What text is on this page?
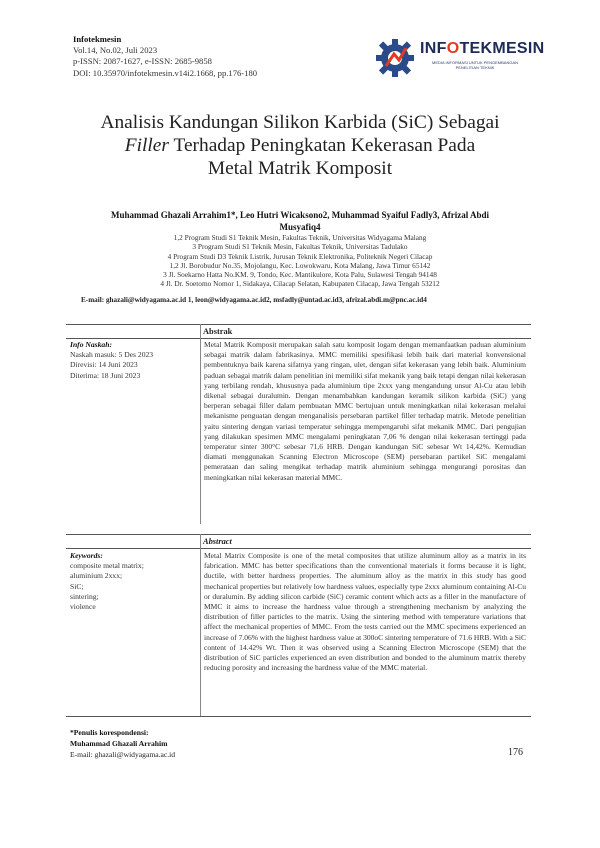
Infotekmesin
Vol.14, No.02, Juli 2023
p-ISSN: 2087-1627, e-ISSN: 2685-9858
DOI: 10.35970/infotekmesin.v14i2.1668, pp.176-180
INFOTEKMESIN
MEDIA INFORMASI UNTUK PENGEMBANGAN PENELITIAN TEKNIK
Analisis Kandungan Silikon Karbida (SiC) Sebagai
Filler Terhadap Peningkatan Kekerasan Pada
Metal Matrik Komposit
Muhammad Ghazali Arrahim1*, Leo Hutri Wicaksono2, Muhammad Syaiful Fadly3, Afrizal Abdi
Musyafiq4
1,2 Program Studi S1 Teknik Mesin, Fakultas Teknik, Universitas Widyagama Malang
3 Program Studi S1 Teknik Mesin, Fakultas Teknik, Universitas Tadulako
4 Program Studi D3 Teknik Listrik, Jurusan Teknik Elektronika, Politeknik Negeri Cilacap
1,2 Jl. Borobudur No.35, Mojolangu, Kec. Lowokwaru, Kota Malang, Jawa Timur 65142
3 Jl. Soekarno Hatta No.KM. 9, Tondo, Kec. Mantikulore, Kota Palu, Sulawesi Tengah 94148
4 Jl. Dr. Soetomo Nomor 1, Sidakaya, Cilacap Selatan, Kabupaten Cilacap, Jawa Tengah 53212
E-mail: ghazali@widyagama.ac.id 1, leon@widyagama.ac.id2, msfadly@untad.ac.id3, afrizal.abdi.m@pnc.ac.id4
Abstrak
Info Naskah:
Naskah masuk: 5 Des 2023
Direvisi: 14 Juni 2023
Diterima: 18 Juni 2023
Metal Matrik Komposit merupakan salah satu komposit logam dengan memanfaatkan paduan aluminium sebagai matrik dalam fabrikasinya. MMC memiliki spesifikasi lebih baik dari material konvensional pembentuknya baik karena sifatnya yang ringan, ulet, dengan sifat kekerasan yang lebih baik. Aluminium paduan sebagai matrik dalam penelitian ini memiliki sifat mekanik yang baik tetapi dengan nilai kekerasan yang terbilang rendah, khususnya pada aluminium tipe 2xxx yang mengandung unsur Al-Cu atau lebih dikenal sebagai duralumin. Dengan menambahkan kandungan keramik silikon karbida (SiC) yang berperan sebagai filler dalam pembuatan MMC bertujuan untuk meningkatkan nilai kekerasan melalui mekanisme penguatan dengan menganalisis persebaran partikel filler terhadap matrik. Metode penelitian yaitu sintering dengan variasi temperatur sehingga mempengaruhi sifat mekanik MMC. Dari pengujian yang dilakukan spesimen MMC mengalami peningkatan 7,06 % dengan nilai kekerasan tertinggi pada temperatur sinter 300°C sebesar 71,6 HRB. Dengan kandungan SiC sebesar Wt 14,42%. Kemudian diamati menggunakan Scanning Electron Microscope (SEM) persebaran partikel SiC mengalami pemerataan dan saling mengikat terhadap matrik aluminium sehingga mengurangi porositas dan meningkatkan nilai kekerasan material MMC.
Abstract
Keywords:
composite metal matrix;
aluminium 2xxx;
SiC;
sintering;
violence
Metal Matrix Composite is one of the metal composites that utilize aluminum alloy as a matrix in its fabrication. MMC has better specifications than the conventional materials it forms because it is light, ductile, with better hardness properties. The aluminum alloy as the matrix in this study has good mechanical properties but relatively low hardness values, especially type 2xxx aluminum containing Al-Cu or duralumin. By adding silicon carbide (SiC) ceramic content which acts as a filler in the manufacture of MMC it aims to increase the hardness value through a strengthening mechanism by analyzing the distribution of filler particles to the matrix. Using the sintering method with temperature variations that affect the mechanical properties of MMC. From the tests carried out the MMC specimens experienced an increase of 7.06% with the highest hardness value at 300oC sintering temperature of 71.6 HRB. With a SiC content of 14.42% Wt. Then it was observed using a Scanning Electron Microscope (SEM) that the distribution of SiC particles experienced an even distribution and bonded to the aluminum matrix thereby reducing porosity and increasing the hardness value of the MMC material.
*Penulis korespondensi:
Muhammad Ghazali Arrahim
E-mail: ghazali@widyagama.ac.id	176
